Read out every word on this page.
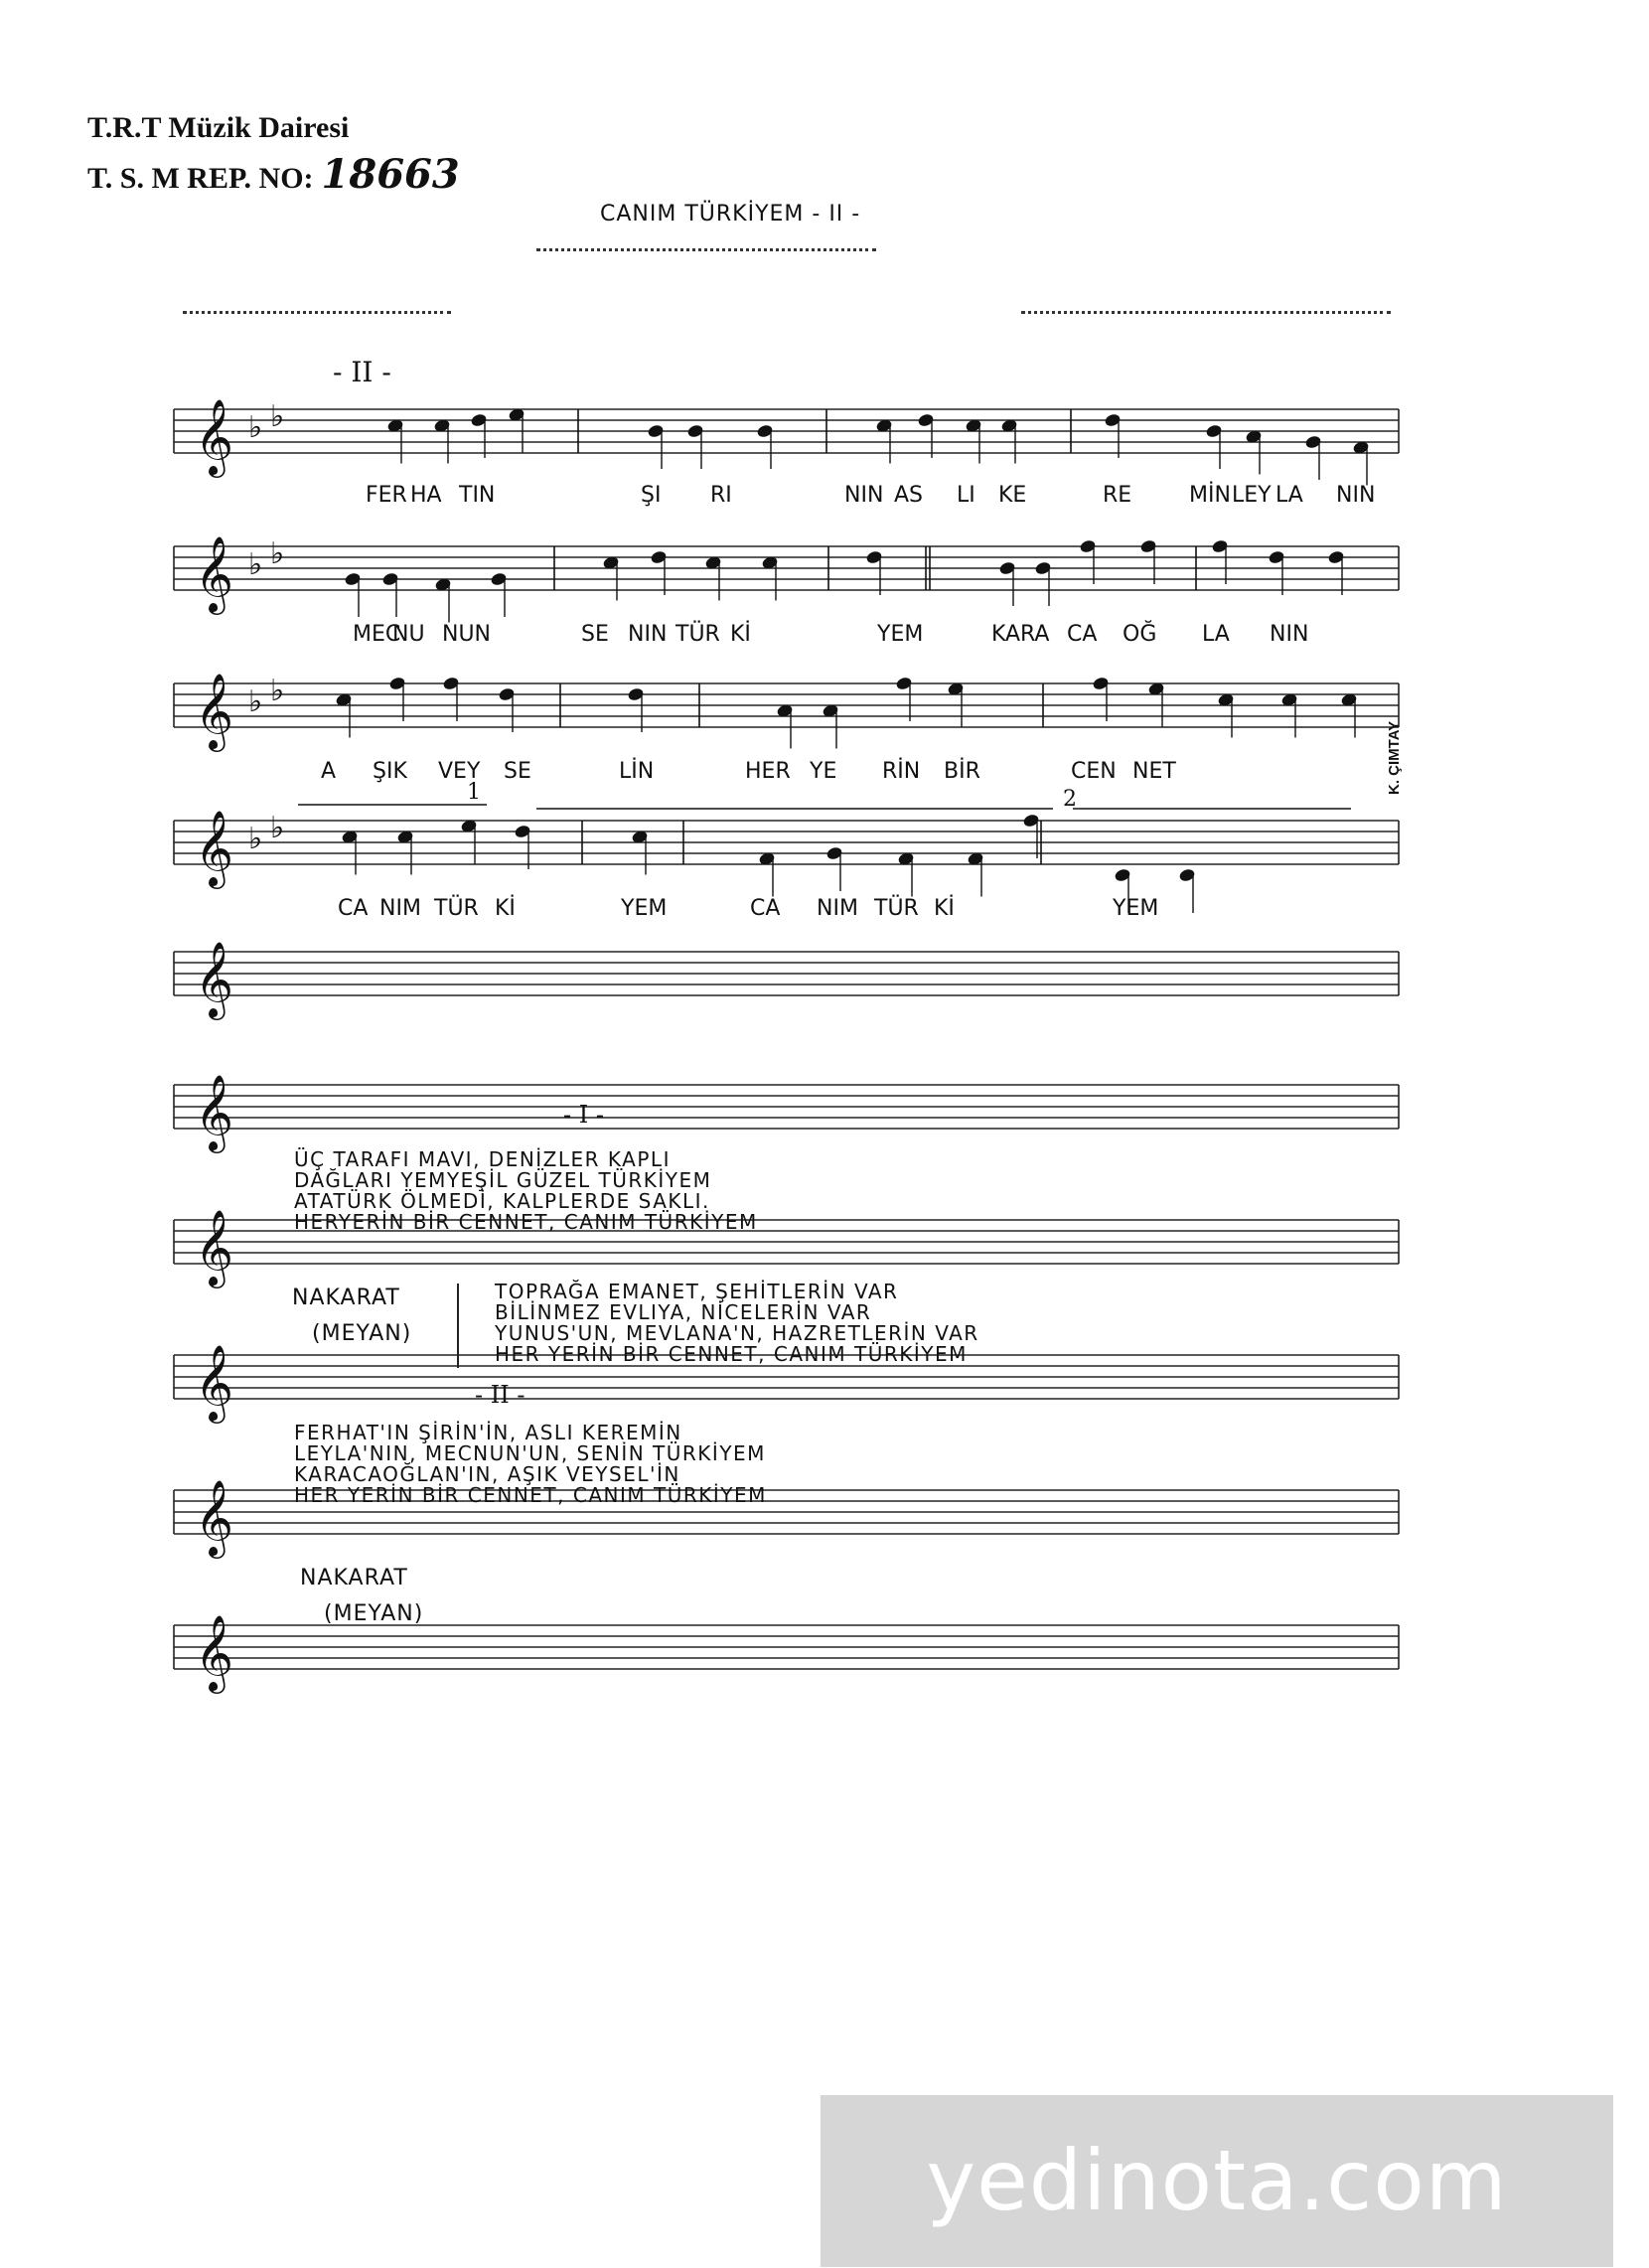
T.R.T Müzik Dairesi
T. S. M REP. NO: 18663
CANIM TÜRKİYEM - II -
- II -
𝄞 ♭ ♭
𝄞 ♭ ♭
𝄞 ♭ ♭
𝄞 ♭ ♭
𝄞
𝄞
𝄞
𝄞
𝄞
𝄞
1	2
FER HA TIN	ŞI RI	NIN AS LI KE	RE	MİN LEY LA NIN
MEC
NU NUN	SE NIN TÜR Kİ	YEM	KA RA CA OĞ LA NIN
A ŞIK VEY SE	LİN	HER YE RİN BİR	CEN NET
CA NIM TÜR Kİ	YEM	CA NIM TÜR Kİ	YEM
K. ÇIMTAY
- I -
ÜÇ TARAFI MAVI, DENİZLER KAPLI
DAĞLARI YEMYEŞİL GÜZEL TÜRKİYEM
ATATÜRK ÖLMEDİ, KALPLERDE SAKLI.
HERYERİN BİR CENNET, CANIM TÜRKİYEM
NAKARAT
(MEYAN)
TOPRAĞA EMANET, ŞEHİTLERİN VAR
BİLİNMEZ EVLIYA, NİCELERİN VAR
YUNUS'UN, MEVLANA'N, HAZRETLERİN VAR
HER YERİN BİR CENNET, CANIM TÜRKİYEM
- II -
FERHAT'IN ŞİRİN'İN, ASLI KEREMİN
LEYLA'NIN, MECNUN'UN, SENİN TÜRKİYEM
KARACAOĞLAN'IN, AŞIK VEYSEL'İN
HER YERİN BİR CENNET, CANIM TÜRKİYEM
NAKARAT
(MEYAN)
yedinota.com
